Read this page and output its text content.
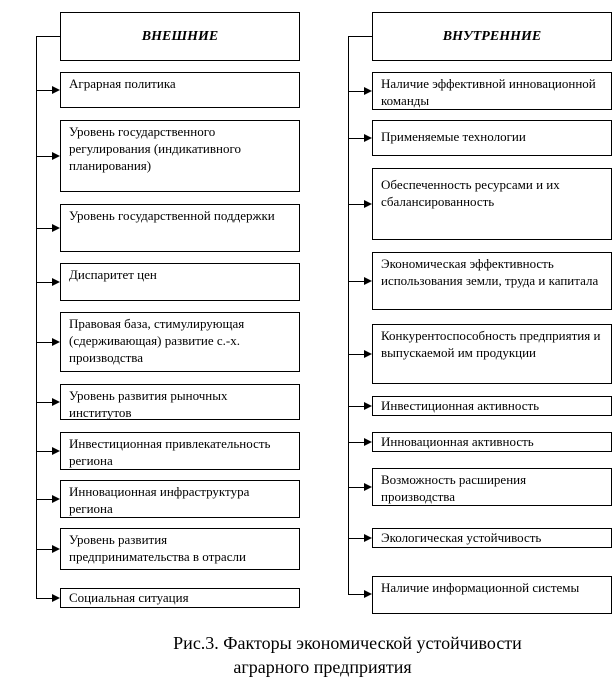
ВНЕШНИЕ
Аграрная политика
Уровень государственного регулирования (индикативного планирования)
Уровень государственной поддержки
Диспаритет цен
Правовая база, стимулирующая (сдерживающая) развитие с.-х. производства
Уровень развития рыночных институтов
Инвестиционная привлекательность региона
Инновационная инфраструктура региона
Уровень развития предпринимательства в отрасли
Социальная ситуация
ВНУТРЕННИЕ
Наличие эффективной инновационной команды
Применяемые технологии
Обеспеченность ресурсами и их сбалансированность
Экономическая эффективность использования земли, труда и капитала
Конкурентоспособность предприятия и выпускаемой им продукции
Инвестиционная активность
Инновационная активность
Возможность расширения производства
Экологическая устойчивость
Наличие информационной системы
Рис.3. Факторы экономической устойчивости
аграрного предприятия
